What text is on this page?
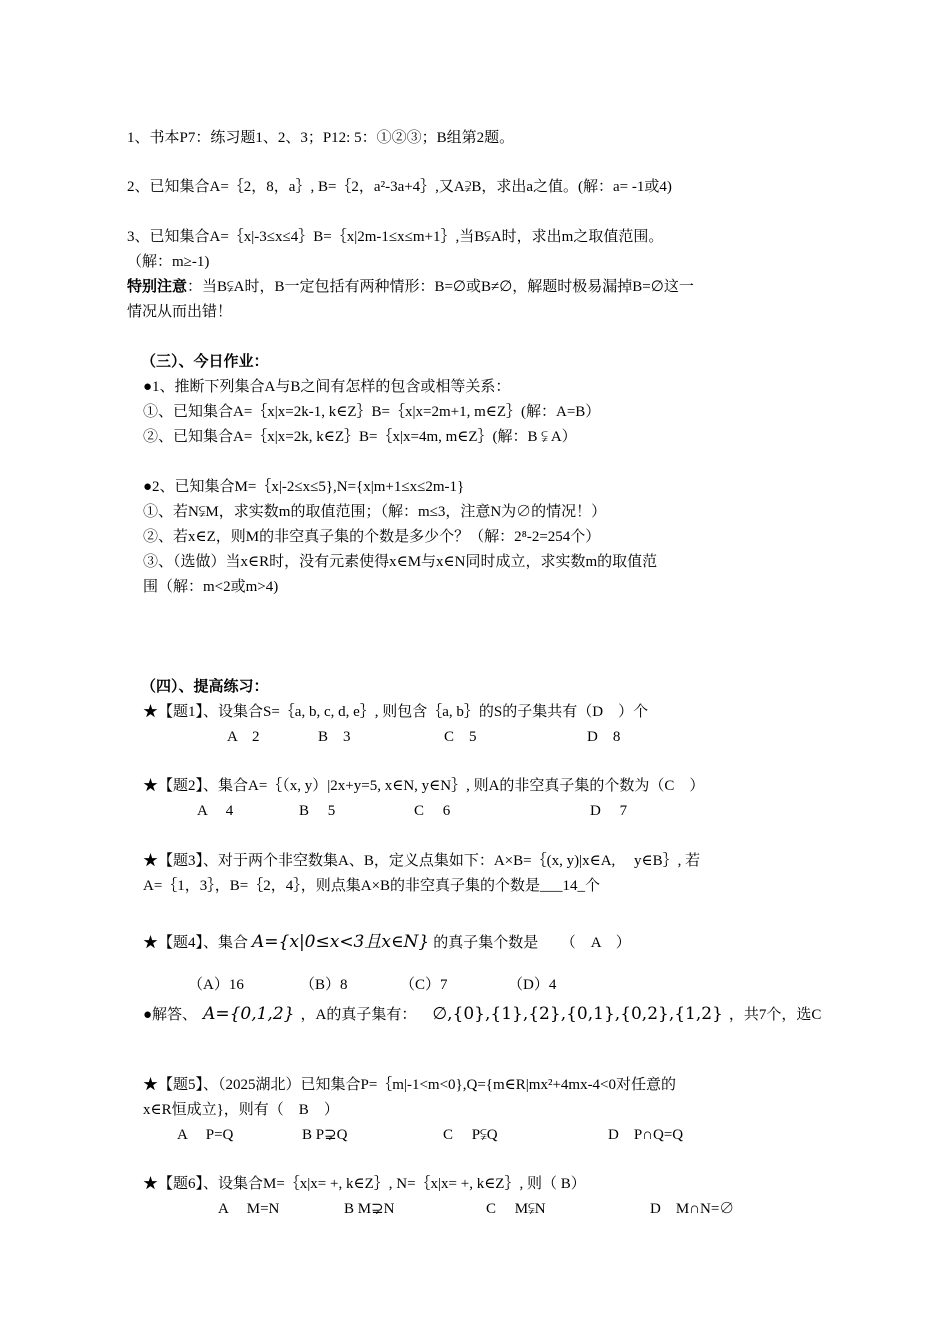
1、书本P7：练习题1、2、3；P12: 5：①②③；B组第2题。
2、已知集合A=｛2，8，a｝, B=｛2，a²-3a+4｝,又A⫌B，求出a之值。(解：a= -1或4)
3、已知集合A=｛x|-3≤x≤4｝B=｛x|2m-1≤x≤m+1｝,当B⫋A时，求出m之取值范围。
（解：m≥-1)
特别注意：当B⫋A时，B一定包括有两种情形：B=∅或B≠∅，解题时极易漏掉B=∅这一
情况从而出错！
（三）、今日作业：
●1、推断下列集合A与B之间有怎样的包含或相等关系：
①、已知集合A=｛x|x=2k-1, k∈Z｝B=｛x|x=2m+1, m∈Z｝(解：A=B）
②、已知集合A=｛x|x=2k, k∈Z｝B=｛x|x=4m, m∈Z｝(解：B ⫋ A）
●2、已知集合M=｛x|-2≤x≤5},N={x|m+1≤x≤2m-1}
①、若N⫋M，求实数m的取值范围；（解：m≤3，注意N为∅的情况！）
②、若x∈Z，则M的非空真子集的个数是多少个？（解：2⁸-2=254个）
③、（选做）当x∈R时，没有元素使得x∈M与x∈N同时成立，求实数m的取值范
围（解：m<2或m>4)
（四）、提高练习：
★【题1】、设集合S=｛a, b, c, d, e｝, 则包含｛a, b｝的S的子集共有（D　）个
A　2	B　3	C　5	D　8
★【题2】、集合A=｛（x, y）|2x+y=5, x∈N, y∈N｝, 则A的非空真子集的个数为（C　）
A　 4	B　 5	C　 6	D　 7
★【题3】、对于两个非空数集A、B，定义点集如下：A×B=｛(x, y)|x∈A,　 y∈B｝, 若
A=｛1，3｝，B=｛2，4｝，则点集A×B的非空真子集的个数是___14_个
★【题4】、集合 A={x|0≤x<3且x∈N} 的真子集个数是　　（　A　）
（A）16	（B）8	（C）7	（D）4
●解答、 A={0,1,2} ，A的真子集有： ∅,{0},{1},{2},{0,1},{0,2},{1,2} ，共7个，选C
★【题5】、（2025湖北）已知集合P=｛m|-1<m<0},Q={m∈R|mx²+4mx-4<0对任意的
x∈R恒成立}，则有（　B　）
A　 P=Q	B P⊋Q	C　 P⫋Q	D　P∩Q=Q
★【题6】、设集合M=｛x|x= +, k∈Z｝, N=｛x|x= +, k∈Z｝, 则（ B）
A　 M=N	B M⊋N	C　 M⫋N	D　M∩N=∅
